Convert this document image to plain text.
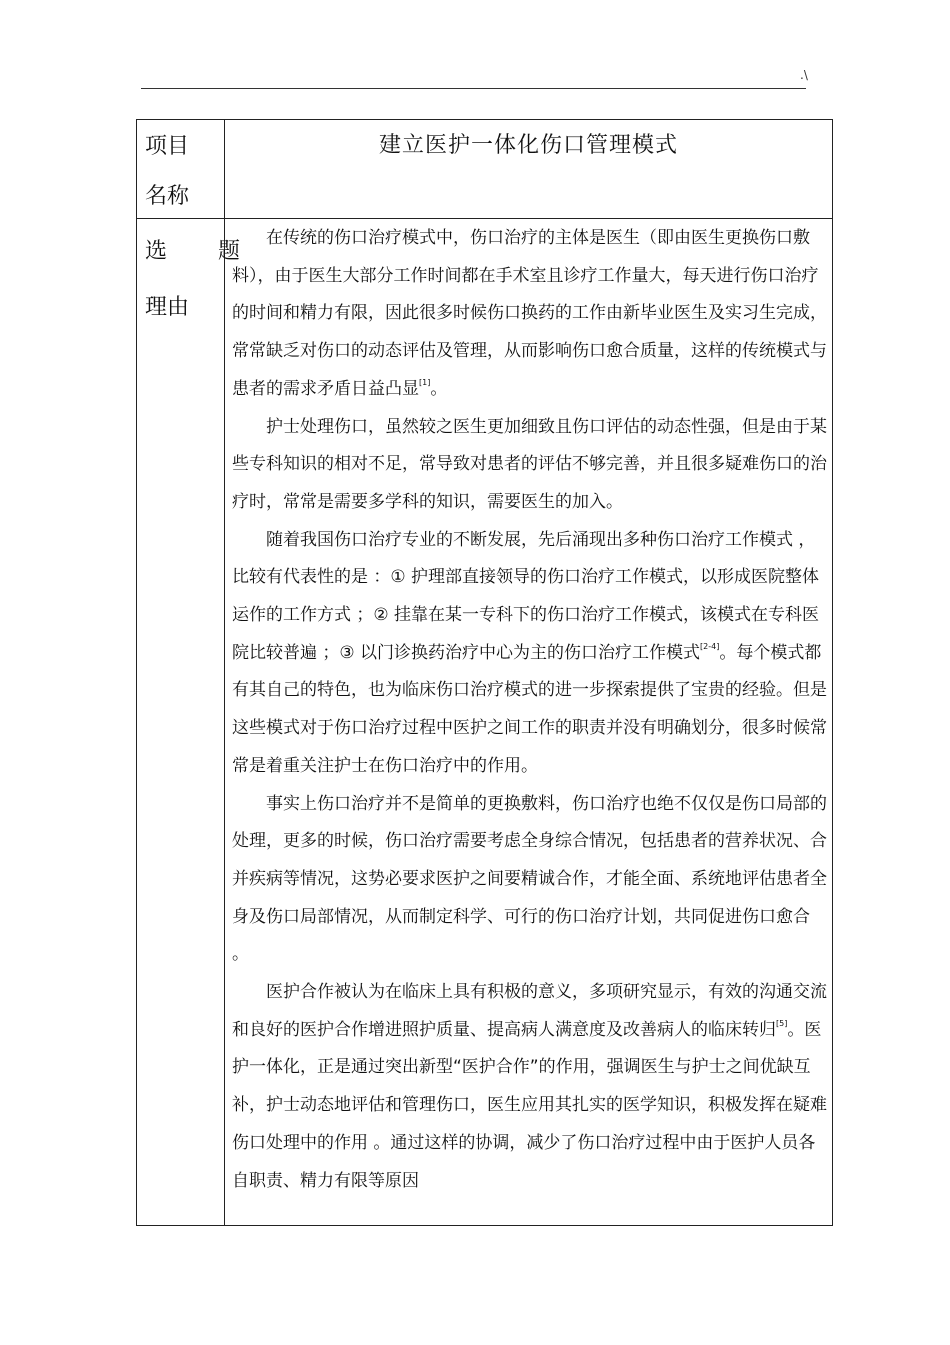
.\
项目
名称
建立医护一体化伤口管理模式
选 题
理由

在传统的伤口治疗模式中，伤口治疗的主体是医生（即由医生更换伤口敷料），由于医生大部分工作时间都在手术室且诊疗工作量大，每天进行伤口治疗的时间和精力有限，因此很多时候伤口换药的工作由新毕业医生及实习生完成，常常缺乏对伤口的动态评估及管理，从而影响伤口愈合质量，这样的传统模式与患者的需求矛盾日益凸显[1]。

护士处理伤口，虽然较之医生更加细致且伤口评估的动态性强，但是由于某些专科知识的相对不足，常导致对患者的评估不够完善，并且很多疑难伤口的治疗时，常常是需要多学科的知识，需要医生的加入。

随着我国伤口治疗专业的不断发展，先后涌现出多种伤口治疗工作模式 ，比较有代表性的是 ：① 护理部直接领导的伤口治疗工作模式，以形成医院整体运作的工作方式 ；② 挂靠在某一专科下的伤口治疗工作模式，该模式在专科医院比较普遍 ；③ 以门诊换药治疗中心为主的伤口治疗工作模式[2-4]。每个模式都有其自己的特色，也为临床伤口治疗模式的进一步探索提供了宝贵的经验。但是这些模式对于伤口治疗过程中医护之间工作的职责并没有明确划分，很多时候常常是着重关注护士在伤口治疗中的作用。

事实上伤口治疗并不是简单的更换敷料，伤口治疗也绝不仅仅是伤口局部的处理，更多的时候，伤口治疗需要考虑全身综合情况，包括患者的营养状况、合并疾病等情况，这势必要求医护之间要精诚合作，才能全面、系统地评估患者全身及伤口局部情况，从而制定科学、可行的伤口治疗计划，共同促进伤口愈合 。

医护合作被认为在临床上具有积极的意义，多项研究显示，有效的沟通交流和良好的医护合作增进照护质量、提高病人满意度及改善病人的临床转归[5]。医护一体化，正是通过突出新型“医护合作”的作用，强调医生与护士之间优缺互补，护士动态地评估和管理伤口，医生应用其扎实的医学知识，积极发挥在疑难伤口处理中的作用 。通过这样的协调，减少了伤口治疗过程中由于医护人员各自职责、精力有限等原因
